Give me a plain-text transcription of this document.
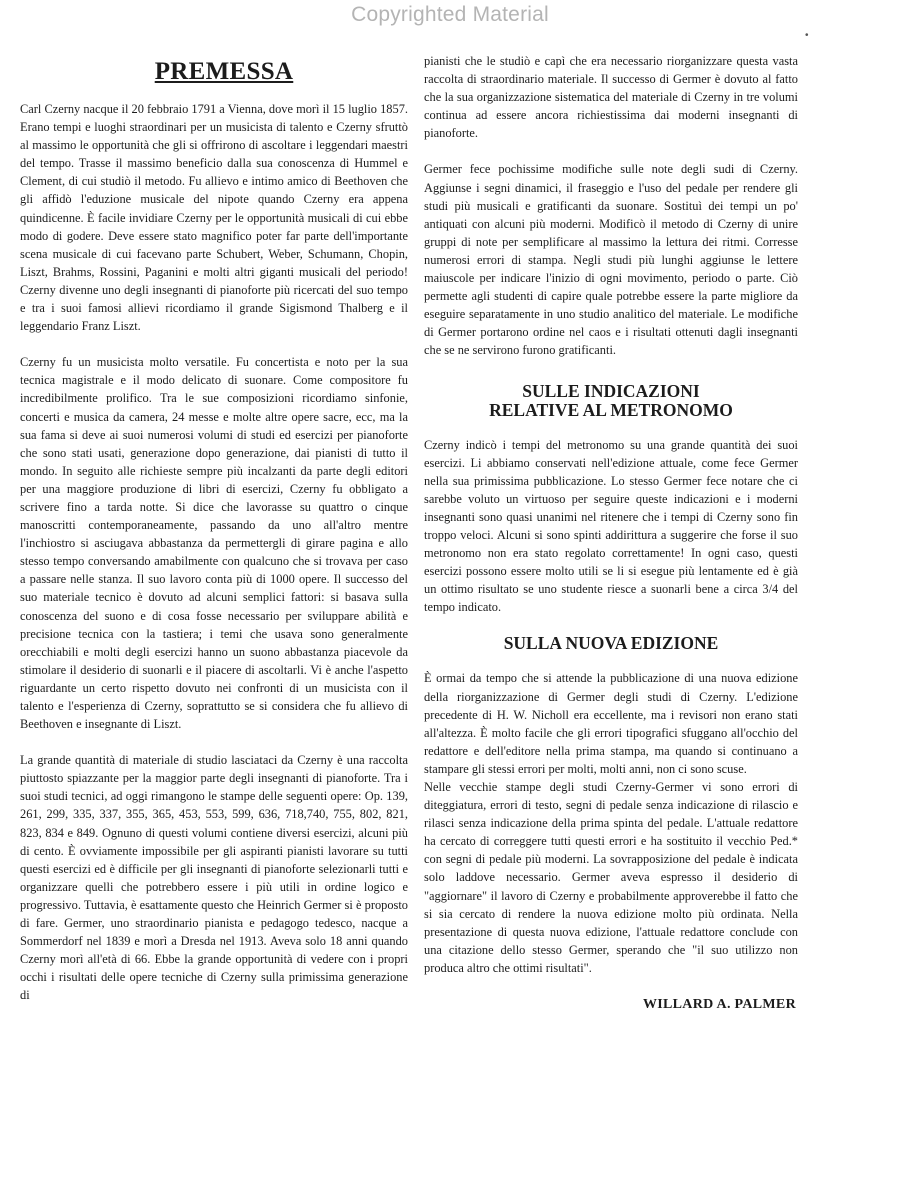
Copyrighted Material
•
PREMESSA

Carl Czerny nacque il 20 febbraio 1791 a Vienna, dove morì il 15 luglio 1857. Erano tempi e luoghi straordinari per un musicista di talento e Czerny sfruttò al massimo le opportunità che gli si offrirono di ascoltare i leggendari maestri del tempo. Trasse il massimo beneficio dalla sua conoscenza di Hummel e Clement, di cui studiò il metodo. Fu allievo e intimo amico di Beethoven che gli affidò l'eduzione musicale del nipote quando Czerny era appena quindicenne. È facile invidiare Czerny per le opportunità musicali di cui ebbe modo di godere. Deve essere stato magnifico poter far parte dell'importante scena musicale di cui facevano parte Schubert, Weber, Schumann, Chopin, Liszt, Brahms, Rossini, Paganini e molti altri giganti musicali del periodo! Czerny divenne uno degli insegnanti di pianoforte più ricercati del suo tempo e tra i suoi famosi allievi ricordiamo il grande Sigismond Thalberg e il leggendario Franz Liszt.

Czerny fu un musicista molto versatile. Fu concertista e noto per la sua tecnica magistrale e il modo delicato di suonare. Come compositore fu incredibilmente prolifico. Tra le sue composizioni ricordiamo sinfonie, concerti e musica da camera, 24 messe e molte altre opere sacre, ecc, ma la sua fama si deve ai suoi numerosi volumi di studi ed esercizi per pianoforte che sono stati usati, generazione dopo generazione, dai pianisti di tutto il mondo. In seguito alle richieste sempre più incalzanti da parte degli editori per una maggiore produzione di libri di esercizi, Czerny fu obbligato a scrivere fino a tarda notte. Si dice che lavorasse su quattro o cinque manoscritti contemporaneamente, passando da uno all'altro mentre l'inchiostro si asciugava abbastanza da permettergli di girare pagina e allo stesso tempo conversando amabilmente con qualcuno che si trovava per caso a passare nelle stanza. Il suo lavoro conta più di 1000 opere. Il successo del suo materiale tecnico è dovuto ad alcuni semplici fattori: si basava sulla conoscenza del suono e di cosa fosse necessario per sviluppare abilità e precisione tecnica con la tastiera; i temi che usava sono generalmente orecchiabili e molti degli esercizi hanno un suono abbastanza piacevole da stimolare il desiderio di suonarli e il piacere di ascoltarli. Vi è anche l'aspetto riguardante un certo rispetto dovuto nei confronti di un musicista con il talento e l'esperienza di Czerny, soprattutto se si considera che fu allievo di Beethoven e insegnante di Liszt.

La grande quantità di materiale di studio lasciataci da Czerny è una raccolta piuttosto spiazzante per la maggior parte degli insegnanti di pianoforte. Tra i suoi studi tecnici, ad oggi rimangono le stampe delle seguenti opere: Op. 139, 261, 299, 335, 337, 355, 365, 453, 553, 599, 636, 718,740, 755, 802, 821, 823, 834 e 849. Ognuno di questi volumi contiene diversi esercizi, alcuni più di cento. È ovviamente impossibile per gli aspiranti pianisti lavorare su tutti questi esercizi ed è difficile per gli insegnanti di pianoforte selezionarli tutti e organizzare quelli che potrebbero essere i più utili in ordine logico e progressivo. Tuttavia, è esattamente questo che Heinrich Germer si è proposto di fare. Germer, uno straordinario pianista e pedagogo tedesco, nacque a Sommerdorf nel 1839 e morì a Dresda nel 1913. Aveva solo 18 anni quando Czerny morì all'età di 66. Ebbe la grande opportunità di vedere con i propri occhi i risultati delle opere tecniche di Czerny sulla primissima generazione di

pianisti che le studiò e capì che era necessario riorganizzare questa vasta raccolta di straordinario materiale. Il successo di Germer è dovuto al fatto che la sua organizzazione sistematica del materiale di Czerny in tre volumi continua ad essere ancora richiestissima dai moderni insegnanti di pianoforte.

Germer fece pochissime modifiche sulle note degli sudi di Czerny. Aggiunse i segni dinamici, il fraseggio e l'uso del pedale per rendere gli studi più musicali e gratificanti da suonare. Sostituì dei tempi un po' antiquati con alcuni più moderni. Modificò il metodo di Czerny di unire gruppi di note per semplificare al massimo la lettura dei ritmi. Corresse numerosi errori di stampa. Negli studi più lunghi aggiunse le lettere maiuscole per indicare l'inizio di ogni movimento, periodo o parte. Ciò permette agli studenti di capire quale potrebbe essere la parte migliore da eseguire separatamente in uno studio analitico del materiale. Le modifiche di Germer portarono ordine nel caos e i risultati ottenuti dagli insegnanti che se ne servirono furono gratificanti.

SULLE INDICAZIONI
RELATIVE AL METRONOMO

Czerny indicò i tempi del metronomo su una grande quantità dei suoi esercizi. Li abbiamo conservati nell'edizione attuale, come fece Germer nella sua primissima pubblicazione. Lo stesso Germer fece notare che ci sarebbe voluto un virtuoso per seguire queste indicazioni e i moderni insegnanti sono quasi unanimi nel ritenere che i tempi di Czerny sono fin troppo veloci. Alcuni si sono spinti addirittura a suggerire che forse il suo metronomo non era stato regolato correttamente! In ogni caso, questi esercizi possono essere molto utili se li si esegue più lentamente ed è già un ottimo risultato se uno studente riesce a suonarli bene a circa 3/4 del tempo indicato.

SULLA NUOVA EDIZIONE

È ormai da tempo che si attende la pubblicazione di una nuova edizione della riorganizzazione di Germer degli studi di Czerny. L'edizione precedente di H. W. Nicholl era eccellente, ma i revisori non erano stati all'altezza. È molto facile che gli errori tipografici sfuggano all'occhio del redattore e dell'editore nella prima stampa, ma quando si continuano a stampare gli stessi errori per molti, molti anni, non ci sono scuse.

Nelle vecchie stampe degli studi Czerny-Germer vi sono errori di diteggiatura, errori di testo, segni di pedale senza indicazione di rilascio e rilasci senza indicazione della prima spinta del pedale. L'attuale redattore ha cercato di correggere tutti questi errori e ha sostituito il vecchio Ped.* con segni di pedale più moderni. La sovrapposizione del pedale è indicata solo laddove necessario. Germer aveva espresso il desiderio di "aggiornare" il lavoro di Czerny e probabilmente approverebbe il fatto che si sia cercato di rendere la nuova edizione molto più ordinata. Nella presentazione di questa nuova edizione, l'attuale redattore conclude con una citazione dello stesso Germer, sperando che "il suo utilizzo non produca altro che ottimi risultati".

WILLARD A. PALMER
